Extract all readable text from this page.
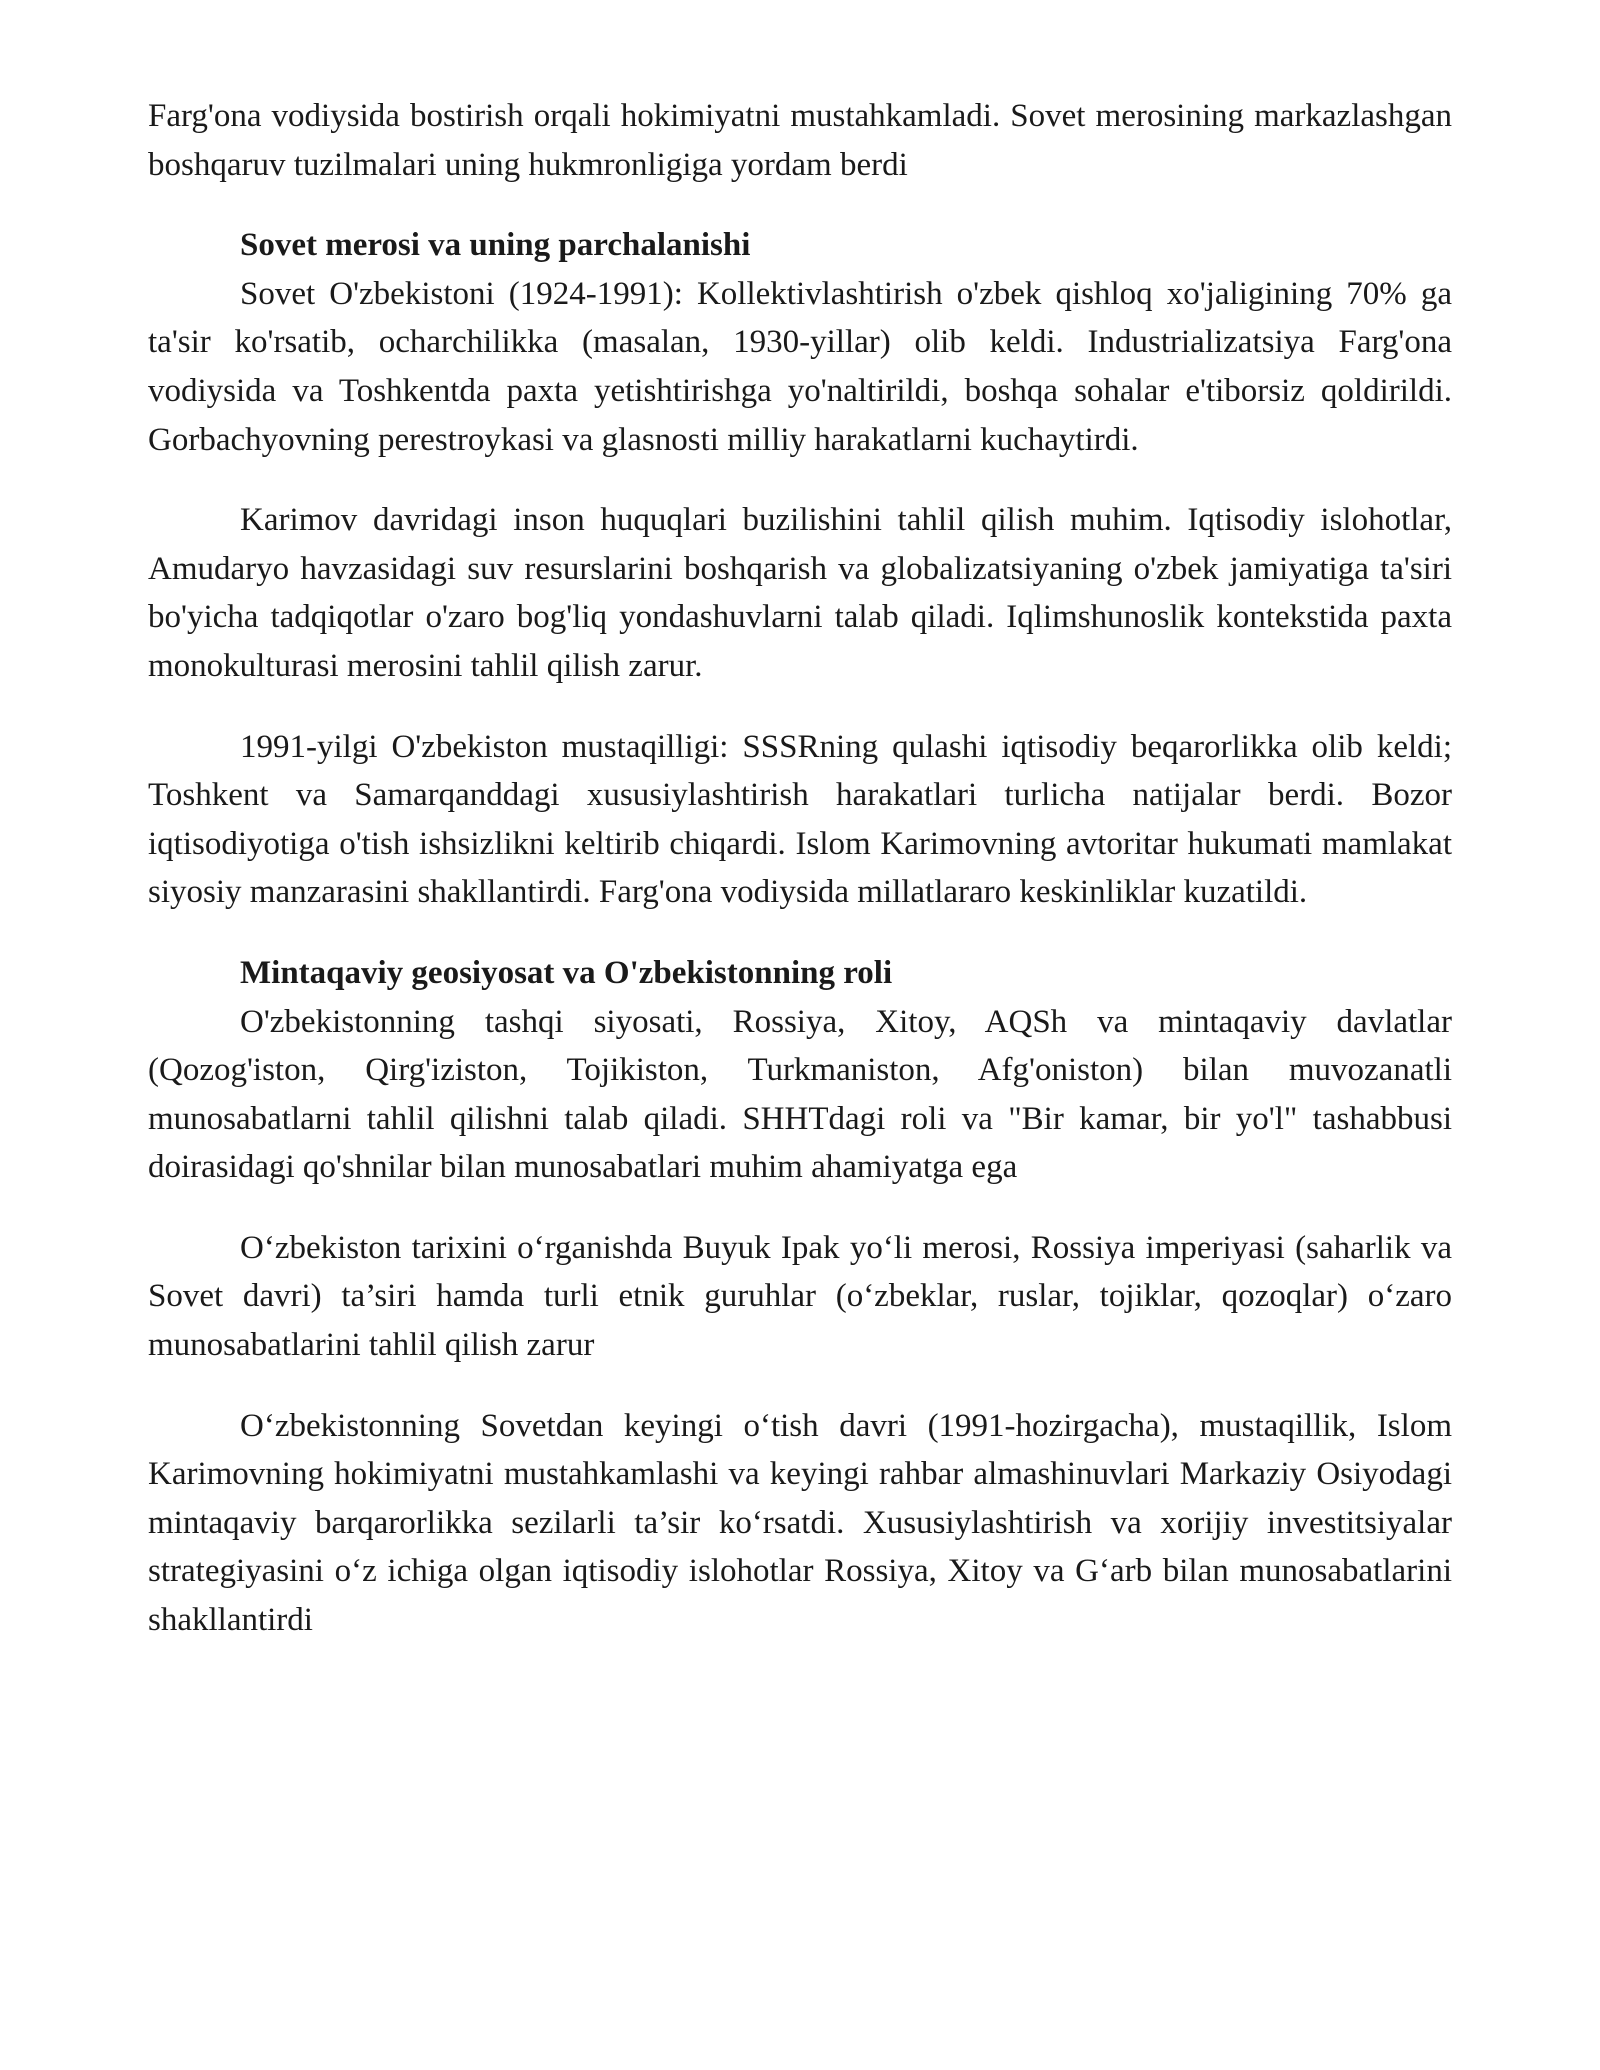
Farg'ona vodiysida bostirish orqali hokimiyatni mustahkamladi. Sovet merosining markazlashgan boshqaruv tuzilmalari uning hukmronligiga yordam berdi

Sovet merosi va uning parchalanishi

Sovet O'zbekistoni (1924-1991): Kollektivlashtirish o'zbek qishloq xo'jaligining 70% ga ta'sir ko'rsatib, ocharchilikka (masalan, 1930-yillar) olib keldi. Industrializatsiya Farg'ona vodiysida va Toshkentda paxta yetishtirishga yo'naltirildi, boshqa sohalar e'tiborsiz qoldirildi. Gorbachyovning perestroykasi va glasnosti milliy harakatlarni kuchaytirdi.

Karimov davridagi inson huquqlari buzilishini tahlil qilish muhim. Iqtisodiy islohotlar, Amudaryo havzasidagi suv resurslarini boshqarish va globalizatsiyaning o'zbek jamiyatiga ta'siri bo'yicha tadqiqotlar o'zaro bog'liq yondashuvlarni talab qiladi. Iqlimshunoslik kontekstida paxta monokulturasi merosini tahlil qilish zarur.

1991-yilgi O'zbekiston mustaqilligi: SSSRning qulashi iqtisodiy beqarorlikka olib keldi; Toshkent va Samarqanddagi xususiylashtirish harakatlari turlicha natijalar berdi. Bozor iqtisodiyotiga o'tish ishsizlikni keltirib chiqardi. Islom Karimovning avtoritar hukumati mamlakat siyosiy manzarasini shakllantirdi. Farg'ona vodiysida millatlararo keskinliklar kuzatildi.

Mintaqaviy geosiyosat va O'zbekistonning roli

O'zbekistonning tashqi siyosati, Rossiya, Xitoy, AQSh va mintaqaviy davlatlar (Qozog'iston, Qirg'iziston, Tojikiston, Turkmaniston, Afg'oniston) bilan muvozanatli munosabatlarni tahlil qilishni talab qiladi. SHHTdagi roli va "Bir kamar, bir yo'l" tashabbusi doirasidagi qo'shnilar bilan munosabatlari muhim ahamiyatga ega

O‘zbekiston tarixini o‘rganishda Buyuk Ipak yo‘li merosi, Rossiya imperiyasi (saharlik va Sovet davri) ta’siri hamda turli etnik guruhlar (o‘zbeklar, ruslar, tojiklar, qozoqlar) o‘zaro munosabatlarini tahlil qilish zarur

O‘zbekistonning Sovetdan keyingi o‘tish davri (1991-hozirgacha), mustaqillik, Islom Karimovning hokimiyatni mustahkamlashi va keyingi rahbar almashinuvlari Markaziy Osiyodagi mintaqaviy barqarorlikka sezilarli ta’sir ko‘rsatdi. Xususiylashtirish va xorijiy investitsiyalar strategiyasini o‘z ichiga olgan iqtisodiy islohotlar Rossiya, Xitoy va G‘arb bilan munosabatlarini shakllantirdi
